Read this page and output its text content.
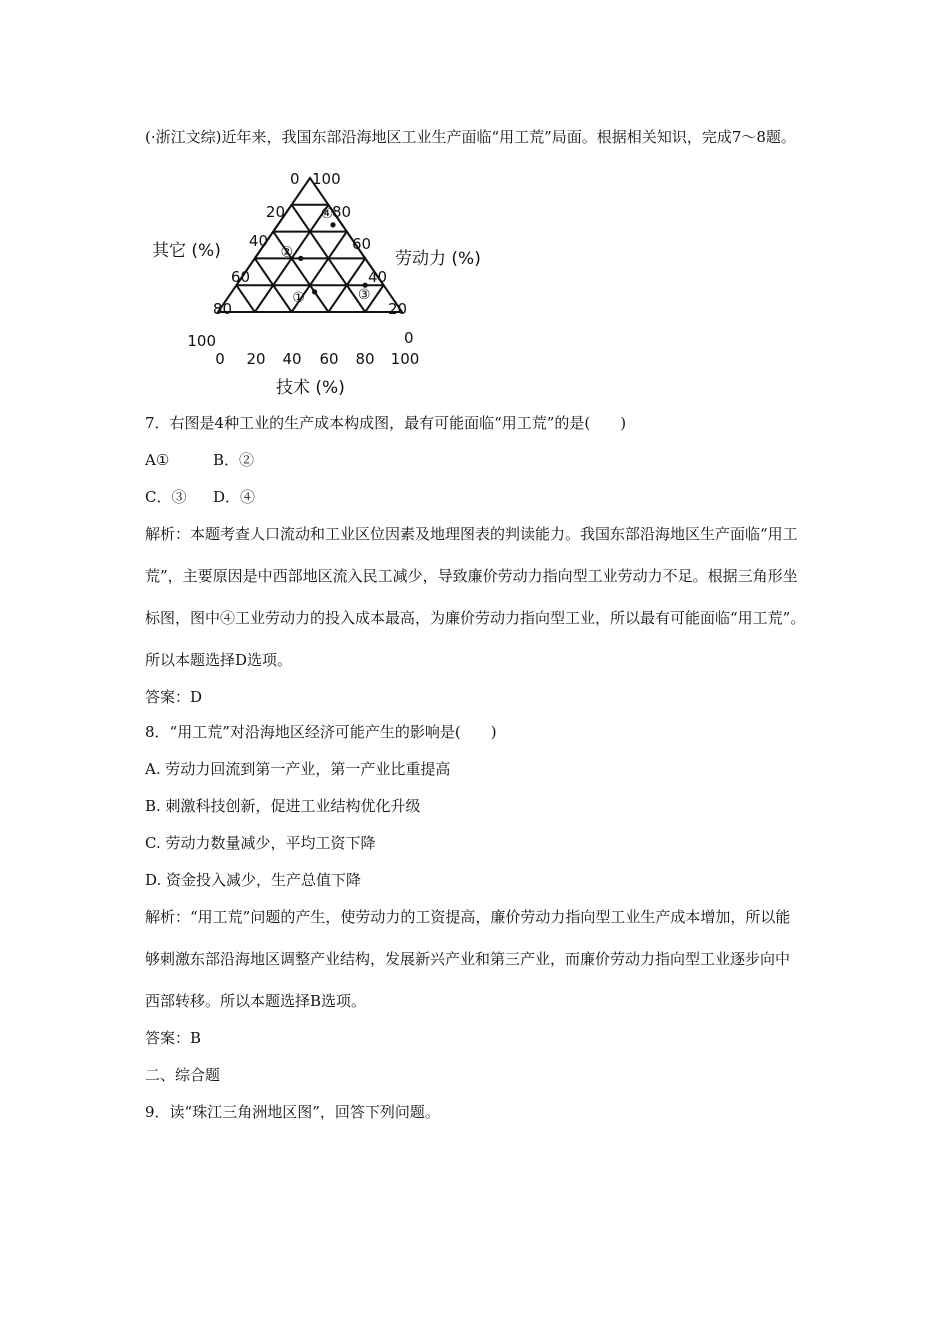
(·浙江文综)近年来，我国东部沿海地区工业生产面临“用工荒”局面。根据相关知识，完成7～8题。
0
20
40
60
80
100
100
80
60
40
20
0
0 20 40 60 80 100
其它 (%)	劳动力 (%)
技术 (%)
①
②
③
④
7．右图是4种工业的生产成本构成图，最有可能面临“用工荒”的是(　　)
A①	B．②
C．③ D．④
解析：本题考查人口流动和工业区位因素及地理图表的判读能力。我国东部沿海地区生产面临“用工
荒”，主要原因是中西部地区流入民工减少，导致廉价劳动力指向型工业劳动力不足。根据三角形坐
标图，图中④工业劳动力的投入成本最高，为廉价劳动力指向型工业，所以最有可能面临“用工荒”。
所以本题选择D选项。
答案：D
8．“用工荒”对沿海地区经济可能产生的影响是(　　)
A. 劳动力回流到第一产业，第一产业比重提高
B. 刺激科技创新，促进工业结构优化升级
C. 劳动力数量减少，平均工资下降
D. 资金投入减少，生产总值下降
解析：“用工荒”问题的产生，使劳动力的工资提高，廉价劳动力指向型工业生产成本增加，所以能
够刺激东部沿海地区调整产业结构，发展新兴产业和第三产业，而廉价劳动力指向型工业逐步向中
西部转移。所以本题选择B选项。
答案：B
二、综合题
9．读“珠江三角洲地区图”，回答下列问题。
